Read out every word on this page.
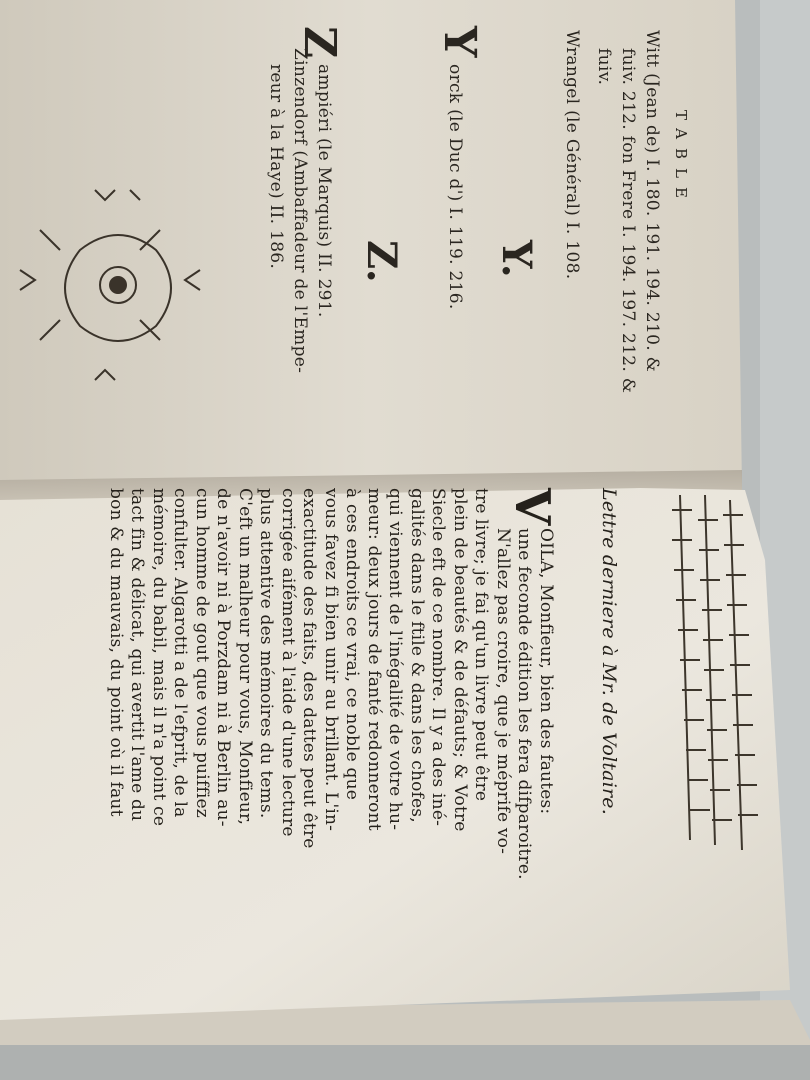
TABLE
Witt (Jean de) I. 180. 191. 194. 210. &
fuiv. 212. fon Frere I. 194. 197. 212. &
fuiv.
Wrangel (le Général) I. 108.
Y.
Y
orck (le Duc d') I. 119. 216.
Z.
Z
ampiéri (le Marquis) II. 291.
Zinzendorf (Ambaffadeur de l'Empe-
reur à la Haye) II. 186.
Lettre derniere à Mr. de Voltaire.
V
OILA, Monfieur, bien des fautes:
une feconde édition les fera difparoitre.
N'allez pas croire, que je méprife vo-
tre livre; je fai qu'un livre peut être
plein de beautés & de défauts; & Votre
Siecle eft de ce nombre. Il y a des iné-
galités dans le ftile & dans les chofes,
qui viennent de l'inégalité de votre hu-
meur: deux jours de fanté redonneront
à ces endroits ce vrai, ce noble que
vous favez fi bien unir au brillant. L'in-
exactitude des faits, des dattes peut être
corrigée aifément à l'aide d'une lecture
plus attentive des mémoires du tems.
C'eft un malheur pour vous, Monfieur,
de n'avoir ni à Porzdam ni à Berlin au-
cun homme de gout que vous puiffiez
confulter. Algarotti a de l'efprit, de la
mémoire, du babil, mais il n'a point ce
tact fin & délicat, qui avertit l'ame du
bon & du mauvais, du point où il faut
